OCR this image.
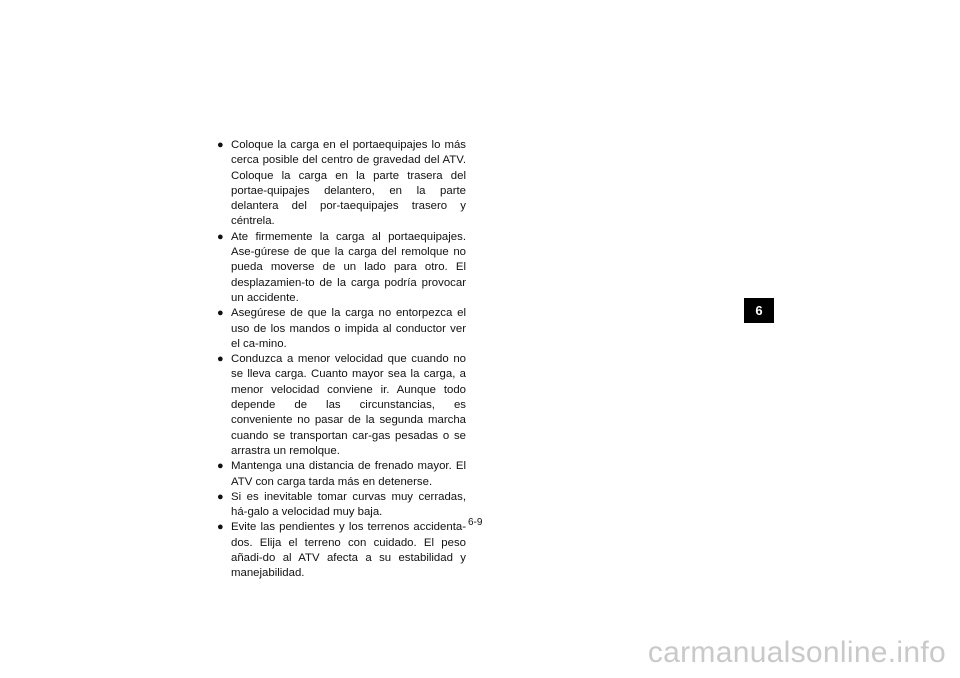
● Coloque la carga en el portaequipajes lo más cerca posible del centro de gravedad del ATV. Coloque la carga en la parte trasera del portae-quipajes delantero, en la parte delantera del por-taequipajes trasero y céntrela.
● Ate firmemente la carga al portaequipajes. Ase-gúrese de que la carga del remolque no pueda moverse de un lado para otro. El desplazamien-to de la carga podría provocar un accidente.
● Asegúrese de que la carga no entorpezca el uso de los mandos o impida al conductor ver el ca-mino.
● Conduzca a menor velocidad que cuando no se lleva carga. Cuanto mayor sea la carga, a menor velocidad conviene ir. Aunque todo depende de las circunstancias, es conveniente no pasar de la segunda marcha cuando se transportan car-gas pesadas o se arrastra un remolque.
● Mantenga una distancia de frenado mayor. El ATV con carga tarda más en detenerse.
● Si es inevitable tomar curvas muy cerradas, há-galo a velocidad muy baja.
● Evite las pendientes y los terrenos accidenta-dos. Elija el terreno con cuidado. El peso añadi-do al ATV afecta a su estabilidad y manejabilidad.
6-9
6
carmanualsonline.info
